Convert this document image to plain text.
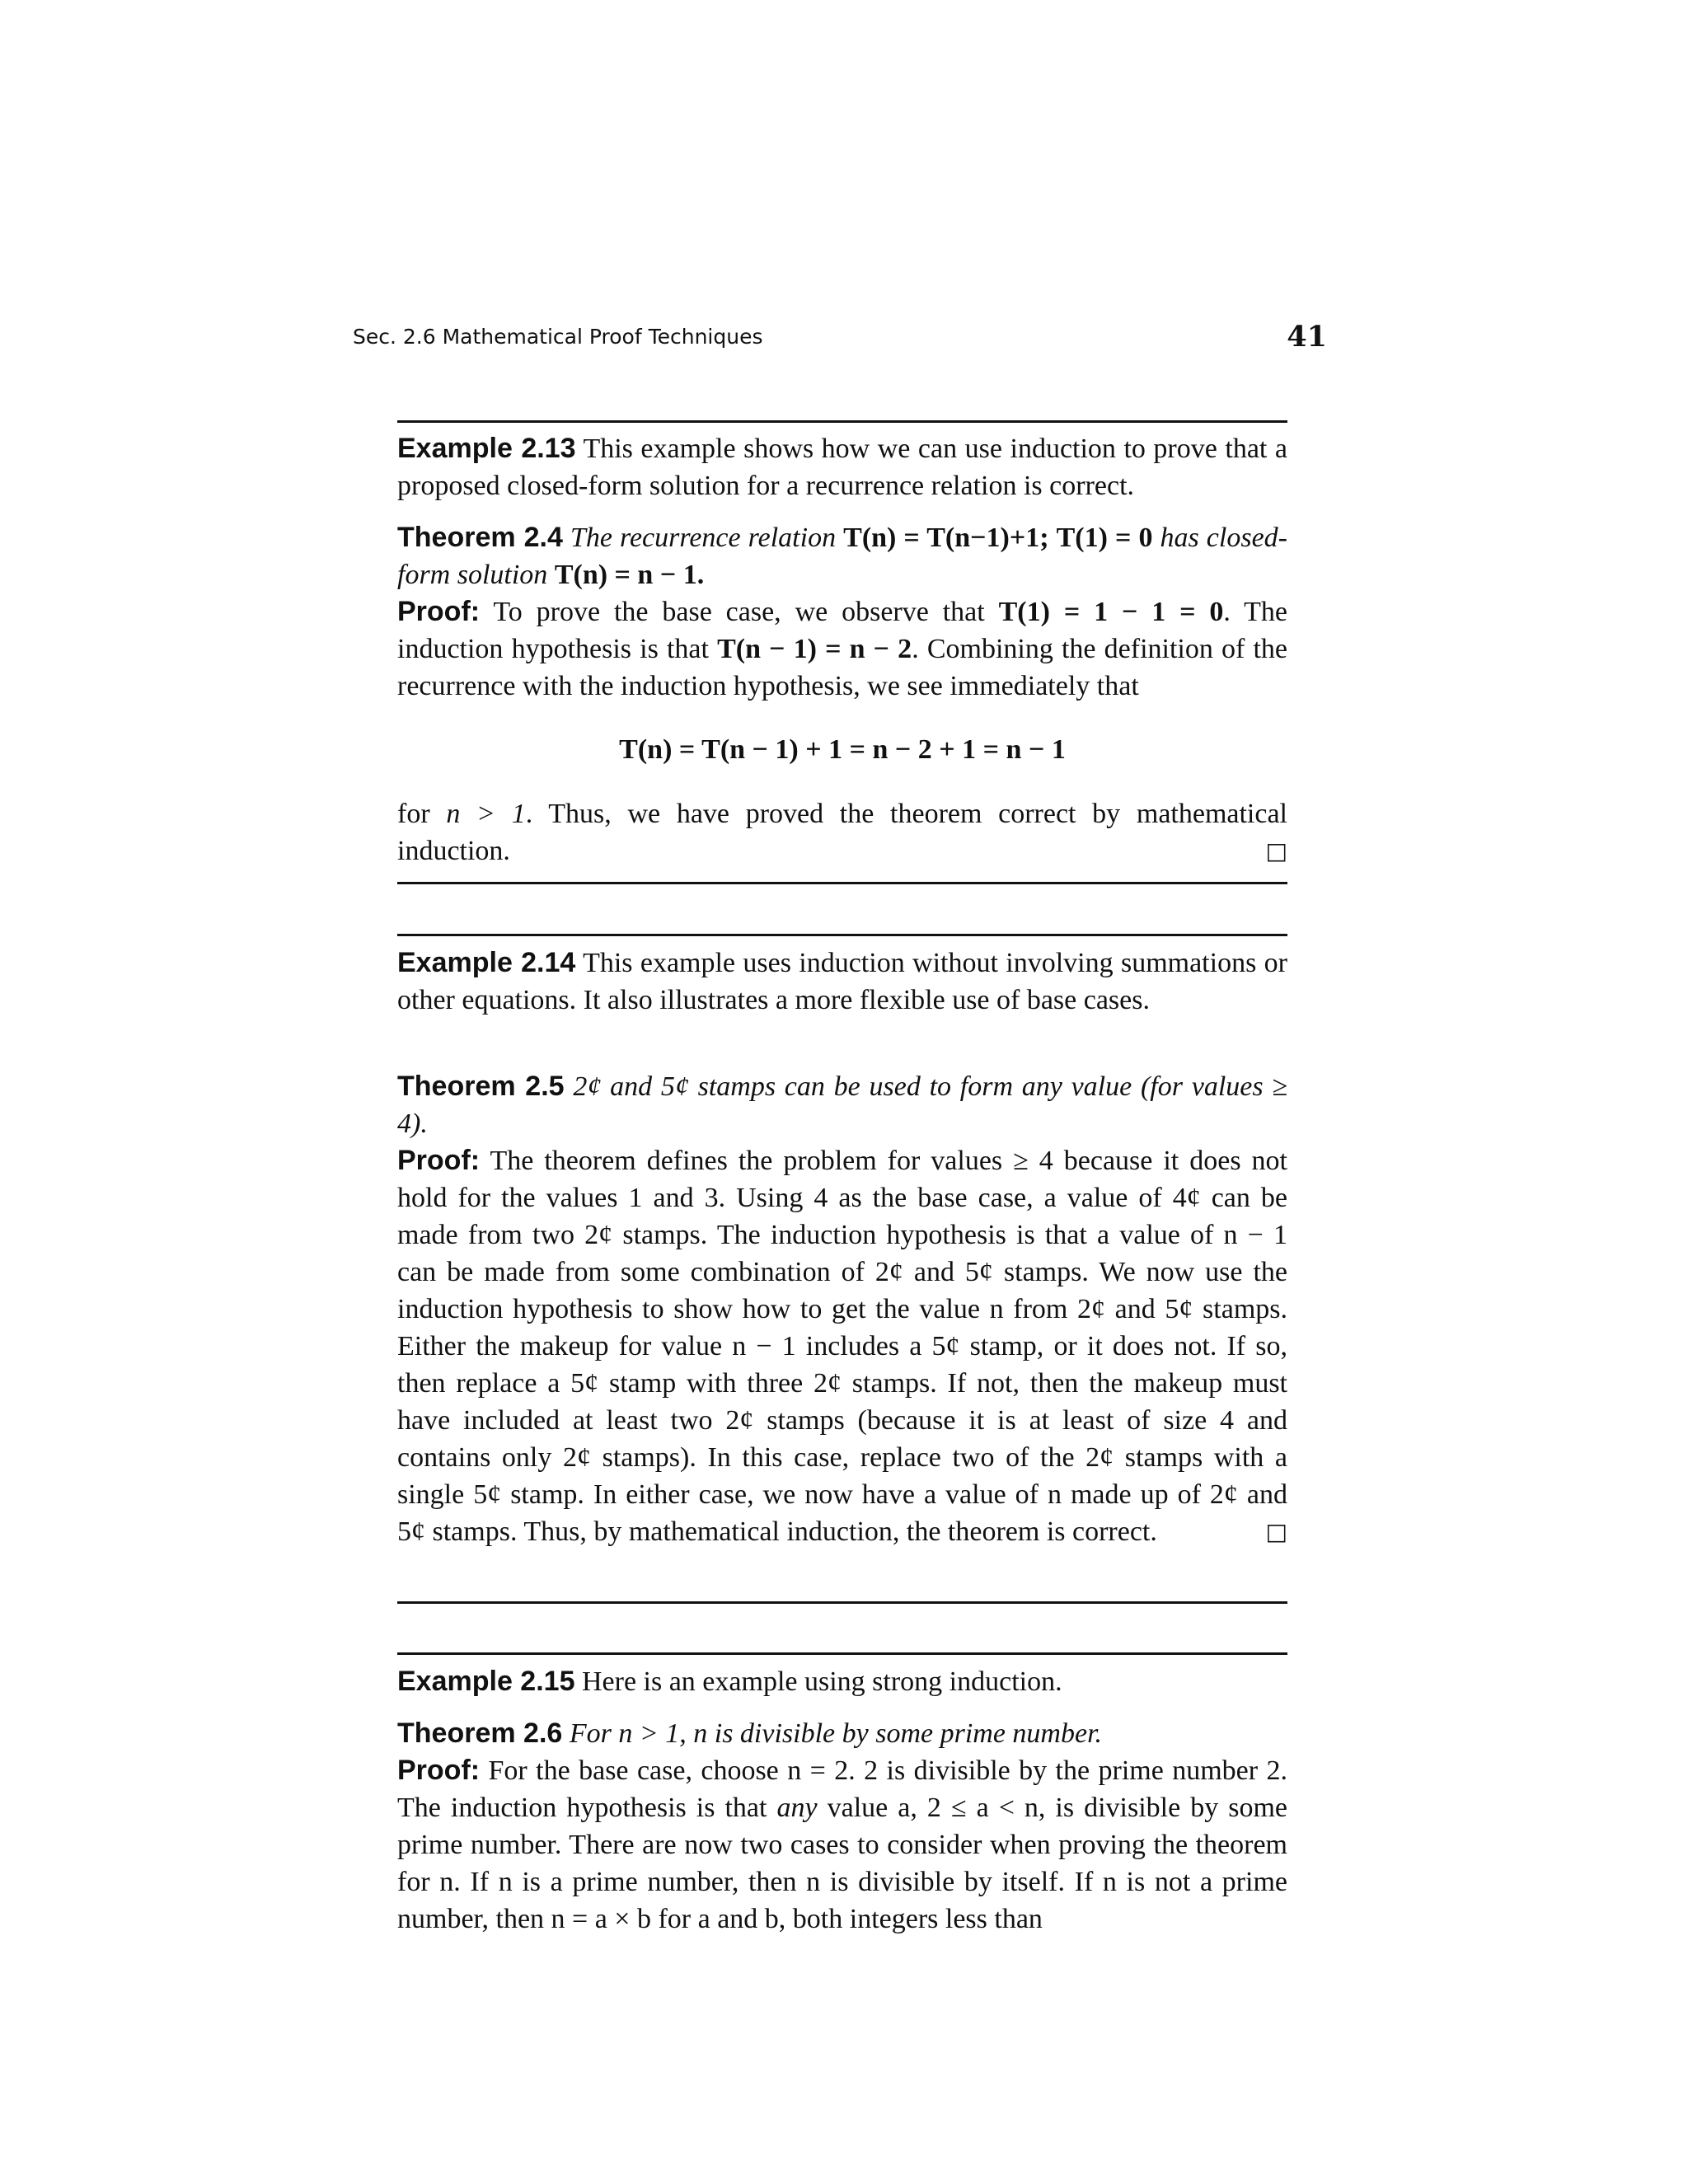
Sec. 2.6 Mathematical Proof Techniques	41
Example 2.13 This example shows how we can use induction to prove that a proposed closed-form solution for a recurrence relation is correct.
Theorem 2.4 The recurrence relation T(n) = T(n−1)+1; T(1) = 0 has closed-form solution T(n) = n − 1.
Proof: To prove the base case, we observe that T(1) = 1 − 1 = 0. The induction hypothesis is that T(n − 1) = n − 2. Combining the definition of the recurrence with the induction hypothesis, we see immediately that
T(n) = T(n − 1) + 1 = n − 2 + 1 = n − 1
for n > 1. Thus, we have proved the theorem correct by mathematical induction.	□
Example 2.14 This example uses induction without involving summations or other equations. It also illustrates a more flexible use of base cases.
Theorem 2.5 2¢ and 5¢ stamps can be used to form any value (for values ≥ 4).
Proof: The theorem defines the problem for values ≥ 4 because it does not hold for the values 1 and 3. Using 4 as the base case, a value of 4¢ can be made from two 2¢ stamps. The induction hypothesis is that a value of n − 1 can be made from some combination of 2¢ and 5¢ stamps. We now use the induction hypothesis to show how to get the value n from 2¢ and 5¢ stamps. Either the makeup for value n − 1 includes a 5¢ stamp, or it does not. If so, then replace a 5¢ stamp with three 2¢ stamps. If not, then the makeup must have included at least two 2¢ stamps (because it is at least of size 4 and contains only 2¢ stamps). In this case, replace two of the 2¢ stamps with a single 5¢ stamp. In either case, we now have a value of n made up of 2¢ and 5¢ stamps. Thus, by mathematical induction, the theorem is correct.	□
Example 2.15 Here is an example using strong induction.
Theorem 2.6 For n > 1, n is divisible by some prime number.
Proof: For the base case, choose n = 2. 2 is divisible by the prime number 2. The induction hypothesis is that any value a, 2 ≤ a < n, is divisible by some prime number. There are now two cases to consider when proving the theorem for n. If n is a prime number, then n is divisible by itself. If n is not a prime number, then n = a × b for a and b, both integers less than
